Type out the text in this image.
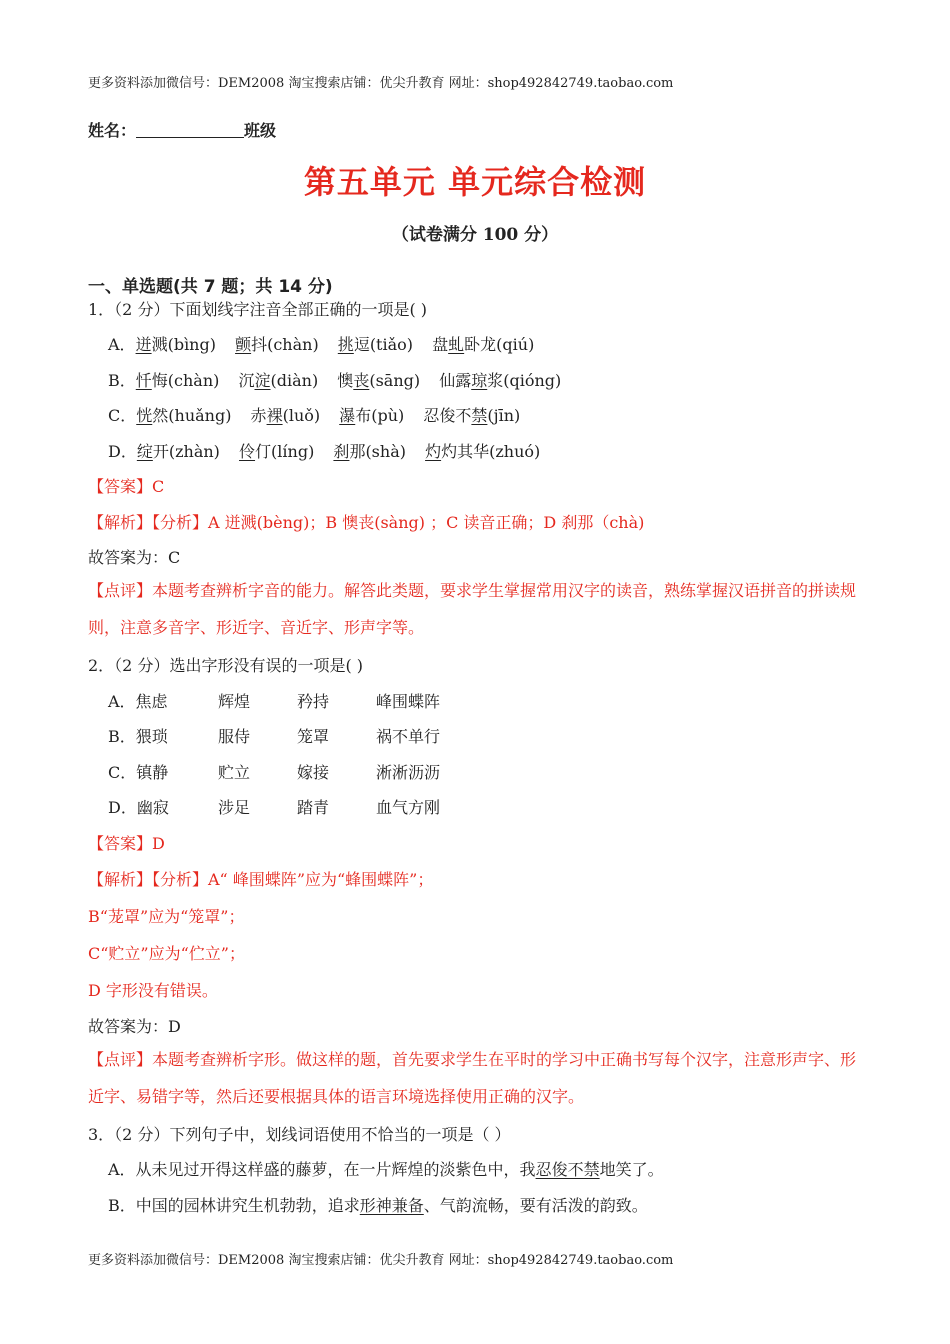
更多资料添加微信号：DEM2008 淘宝搜索店铺：优尖升教育 网址：shop492842749.taobao.com
姓名：	班级
第五单元 单元综合检测
（试卷满分 100 分）
一、单选题(共 7 题；共 14 分)
1．（2 分）下面划线字注音全部正确的一项是( )
A．迸溅(bìng) 颤抖(chàn) 挑逗(tiǎo) 盘虬卧龙(qiú)
B．忏悔(chàn) 沉淀(diàn) 懊丧(sāng) 仙露琼浆(qióng)
C．恍然(huǎng) 赤裸(luǒ) 瀑布(pù) 忍俊不禁(jīn)
D．绽开(zhàn) 伶仃(líng) 刹那(shà) 灼灼其华(zhuó)
【答案】C
【解析】【分析】A 迸溅(bèng)；B 懊丧(sàng) ；C 读音正确；D 刹那（chà)
故答案为：C
【点评】本题考查辨析字音的能力。解答此类题，要求学生掌握常用汉字的读音，熟练掌握汉语拼音的拼读规则，注意多音字、形近字、音近字、形声字等。
2．（2 分）选出字形没有误的一项是( )
A．焦虑	辉煌	矜持	峰围蝶阵
B．猥琐	服侍	笼罩	祸不单行
C．镇静	贮立	嫁接	淅淅沥沥
D．幽寂	涉足	踏青	血气方刚
【答案】D
【解析】【分析】A“ 峰围蝶阵”应为“蜂围蝶阵”；
B“茏罩”应为“笼罩”；
C“贮立”应为“伫立”；
D 字形没有错误。
故答案为：D
【点评】本题考查辨析字形。做这样的题，首先要求学生在平时的学习中正确书写每个汉字，注意形声字、形近字、易错字等，然后还要根据具体的语言环境选择使用正确的汉字。
3．（2 分）下列句子中，划线词语使用不恰当的一项是（ ）
A．从未见过开得这样盛的藤萝，在一片辉煌的淡紫色中，我忍俊不禁地笑了。
B．中国的园林讲究生机勃勃，追求形神兼备、气韵流畅，要有活泼的韵致。
更多资料添加微信号：DEM2008 淘宝搜索店铺：优尖升教育 网址：shop492842749.taobao.com
